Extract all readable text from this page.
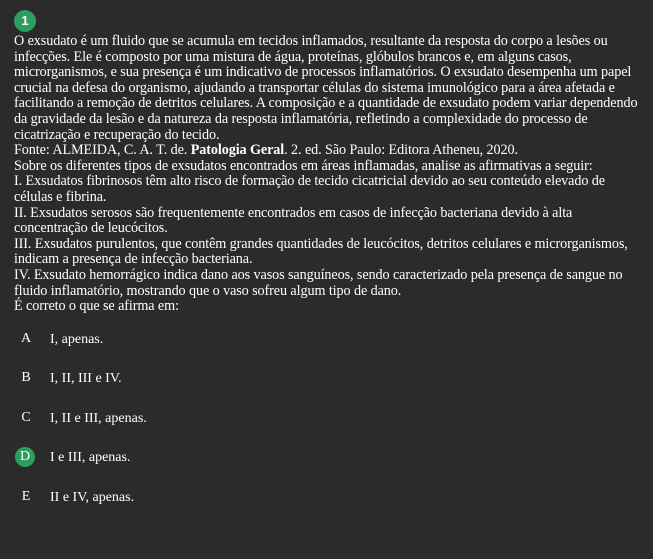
1

O exsudato é um fluido que se acumula em tecidos inflamados, resultante da resposta do corpo a lesões ou infecções. Ele é composto por uma mistura de água, proteínas, glóbulos brancos e, em alguns casos, microrganismos, e sua presença é um indicativo de processos inflamatórios. O exsudato desempenha um papel crucial na defesa do organismo, ajudando a transportar células do sistema imunológico para a área afetada e facilitando a remoção de detritos celulares. A composição e a quantidade de exsudato podem variar dependendo da gravidade da lesão e da natureza da resposta inflamatória, refletindo a complexidade do processo de cicatrização e recuperação do tecido.

Fonte: ALMEIDA, C. A. T. de. Patologia Geral. 2. ed. São Paulo: Editora Atheneu, 2020.

Sobre os diferentes tipos de exsudatos encontrados em áreas inflamadas, analise as afirmativas a seguir:

I. Exsudatos fibrinosos têm alto risco de formação de tecido cicatricial devido ao seu conteúdo elevado de células e fibrina.

II. Exsudatos serosos são frequentemente encontrados em casos de infecção bacteriana devido à alta concentração de leucócitos.

III. Exsudatos purulentos, que contêm grandes quantidades de leucócitos, detritos celulares e microrganismos, indicam a presença de infecção bacteriana.

IV. Exsudato hemorrágico indica dano aos vasos sanguíneos, sendo caracterizado pela presença de sangue no fluido inflamatório, mostrando que o vaso sofreu algum tipo de dano.

É correto o que se afirma em:

A	I, apenas.
B	I, II, III e IV.
C	I, II e III, apenas.
D	I e III, apenas.
E	II e IV, apenas.
